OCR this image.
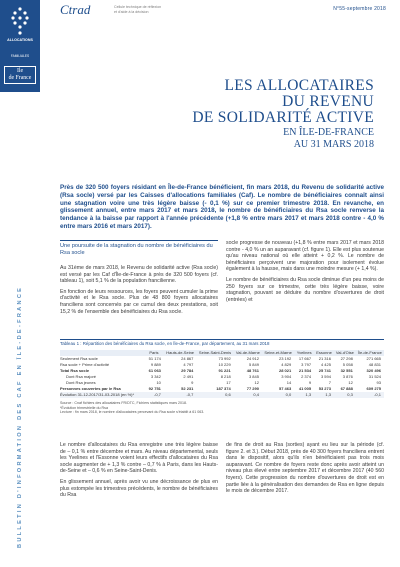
ALLOCATIONS
FAMILIALES
Ile
de France
BULLETIN D'INFORMATION DES CAF EN ÎLE-DE-FRANCE
Ctrad	Cellule technique de réflexion
et d'aide à la décision	N°55-septembre 2018
LES ALLOCATAIRES
DU REVENU
DE SOLIDARITÉ ACTIVE
EN ÎLE-DE-FRANCE
AU 31 MARS 2018
Près de 320 500 foyers résidant en Île-de-France bénéficient, fin mars 2018, du Revenu de solidarité active (Rsa socle) versé par les Caisses d'allocations familiales (Caf). Le nombre de bénéficiaires connaît ainsi une stagnation voire une très légère baisse (- 0,1 %) sur ce premier trimestre 2018. En revanche, en glissement annuel, entre mars 2017 et mars 2018, le nombre de bénéficiaires du Rsa socle renverse la tendance à la baisse par rapport à l'année précédente (+1,8 % entre mars 2017 et mars 2018 contre - 4,0 % entre mars 2016 et mars 2017).
Une poursuite de la stagnation du nombre de bénéficiaires du Rsa socle

Au 31ème de mars 2018, le Revenu de solidarité active (Rsa socle) est versé par les Caf d'Île-de-France à près de 320 500 foyers (cf. tableau 1), soit 5,1 % de la population francilienne.

En fonction de leurs ressources, les foyers peuvent cumuler la prime d'activité et le Rsa socle. Plus de 48 800 foyers allocataires franciliens sont concernés par ce cumul des deux prestations, soit 15,2 % de l'ensemble des bénéficiaires du Rsa socle.

socle progresse de nouveau (+1,8 % entre mars 2017 et mars 2018 contre - 4,0 % un an auparavant (cf. figure 1). Elle est plus soutenue qu'au niveau national où elle atteint + 0,2 %. Le nombre de bénéficiaires perçoivent une majoration pour isolement évolue également à la hausse, mais dans une moindre mesure (+ 1,4 %).

Le nombre de bénéficiaires du Rsa socle diminue d'un peu moins de 250 foyers sur ce trimestre, cette très légère baisse, voire stagnation, pouvant se déduire du nombre d'ouvertures de droit (entrées) et

Tableau 1 : Répartition des bénéficiaires du Rsa socle, en Île-de-France, par département, au 31 mars 2018
	Paris	Hauts-de-Seine	Seine-Saint-Denis	Val-de-Marne	Seine-et-Marne	Yvelines	Essonne	Val-d'Oise	Île-de-France
Seulement Rsa socle	51 174	24 867	73 992	24 912	23 192	17 667	21 316	27 298	271 665
Rsa socle + Prime d'activité	9 889	4 797	10 229	5 849	4 829	3 797	4 425	5 058	48 831
Total Rsa socle	61 063	29 784	91 221	48 761	28 021	21 534	25 741	32 551	320 496
Dont Rsa majoré	3 342	2 491	8 218	3 845	3 904	2 374	3 594	3 876	31 524
Dont Rsa jeunes	10	9	17	12	14	9	7	12	93
Personnes couvertes par le Rsa	92 751	52 231	187 374	77 290	57 463	41 005	53 273	67 888	609 275
Évolution 31-12-2017/31-03-2018 (en %)*	-0,7	-0,7	0,6	0,4	0,0	1,3	1,3	0,3	-0,1
Source : Cnaf fichiers des allocataires FR/DTC, Fichiers statistiques mars 2018.
*Évolution trimestrielle du Rsa
Lecture : fin mars 2018, le nombre d'allocataires percevant du Rsa socle s'établit à 61 063.

Le nombre d'allocataires du Rsa enregistre une très légère baisse de – 0,1 % entre décembre et mars. Au niveau départemental, seuls les Yvelines et l'Essonne voient leurs effectifs d'allocataires du Rsa socle augmenter de + 1,3 % contre – 0,7 % à Paris, dans les Hauts-de-Seine et – 0,6 % en Seine-Saint-Denis.

En glissement annuel, après avoir vu une décroissance de plus en plus estompée les trimestres précédents, le nombre de bénéficiaires du Rsa

de fins de droit au Rsa (sorties) ayant eu lieu sur la période (cf. figure 2. et 3.). Début 2018, près de 40 300 foyers franciliens entrent dans le dispositif, alors qu'ils n'en bénéficiaient pas trois mois auparavant. Ce nombre de foyers reste donc après avoir atteint un niveau plus élevé entre septembre 2017 et décembre 2017 (40 560 foyers). Cette progression du nombre d'ouvertures de droit est en partie liée à la généralisation des demandes de Rsa en ligne depuis le mois de décembre 2017.
